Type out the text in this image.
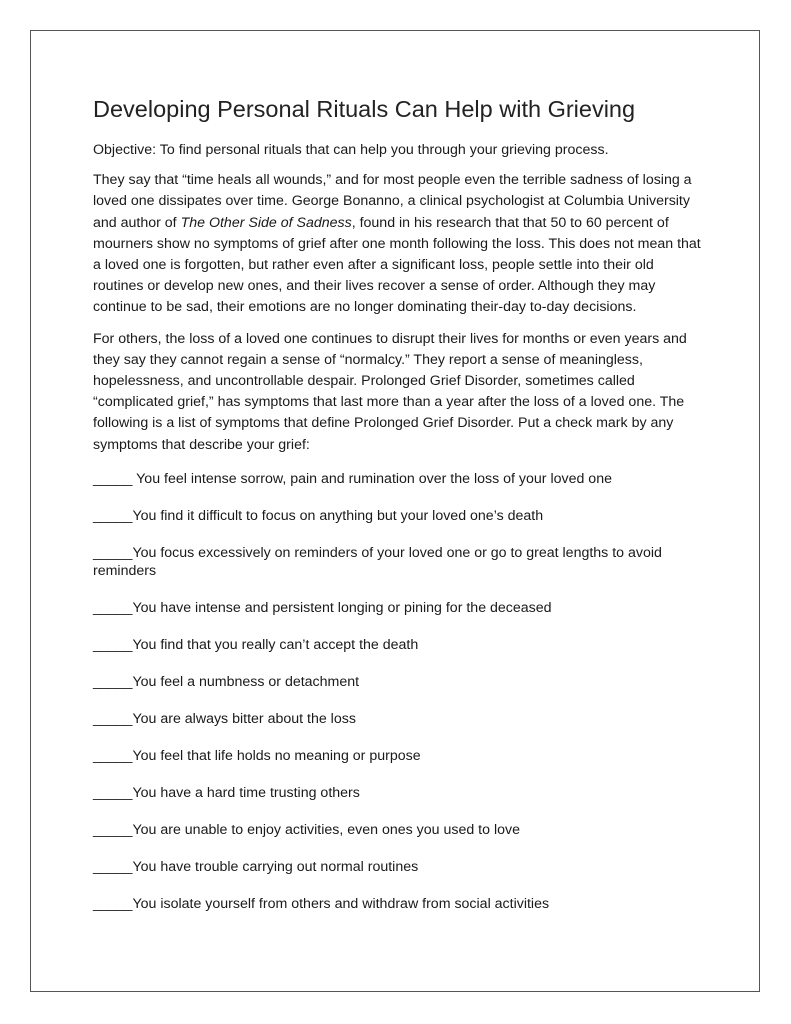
Developing Personal Rituals Can Help with Grieving

Objective: To find personal rituals that can help you through your grieving process.

They say that “time heals all wounds,” and for most people even the terrible sadness of losing a loved one dissipates over time. George Bonanno, a clinical psychologist at Columbia University and author of The Other Side of Sadness, found in his research that that 50 to 60 percent of mourners show no symptoms of grief after one month following the loss. This does not mean that a loved one is forgotten, but rather even after a significant loss, people settle into their old routines or develop new ones, and their lives recover a sense of order. Although they may continue to be sad, their emotions are no longer dominating their-day to-day decisions.

For others, the loss of a loved one continues to disrupt their lives for months or even years and they say they cannot regain a sense of “normalcy.” They report a sense of meaningless, hopelessness, and uncontrollable despair. Prolonged Grief Disorder, sometimes called “complicated grief,” has symptoms that last more than a year after the loss of a loved one. The following is a list of symptoms that define Prolonged Grief Disorder. Put a check mark by any symptoms that describe your grief:

_____ You feel intense sorrow, pain and rumination over the loss of your loved one
_____You find it difficult to focus on anything but your loved one’s death
_____You focus excessively on reminders of your loved one or go to great lengths to avoid reminders
_____You have intense and persistent longing or pining for the deceased
_____You find that you really can’t accept the death
_____You feel a numbness or detachment
_____You are always bitter about the loss
_____You feel that life holds no meaning or purpose
_____You have a hard time trusting others
_____You are unable to enjoy activities, even ones you used to love
_____You have trouble carrying out normal routines
_____You isolate yourself from others and withdraw from social activities
